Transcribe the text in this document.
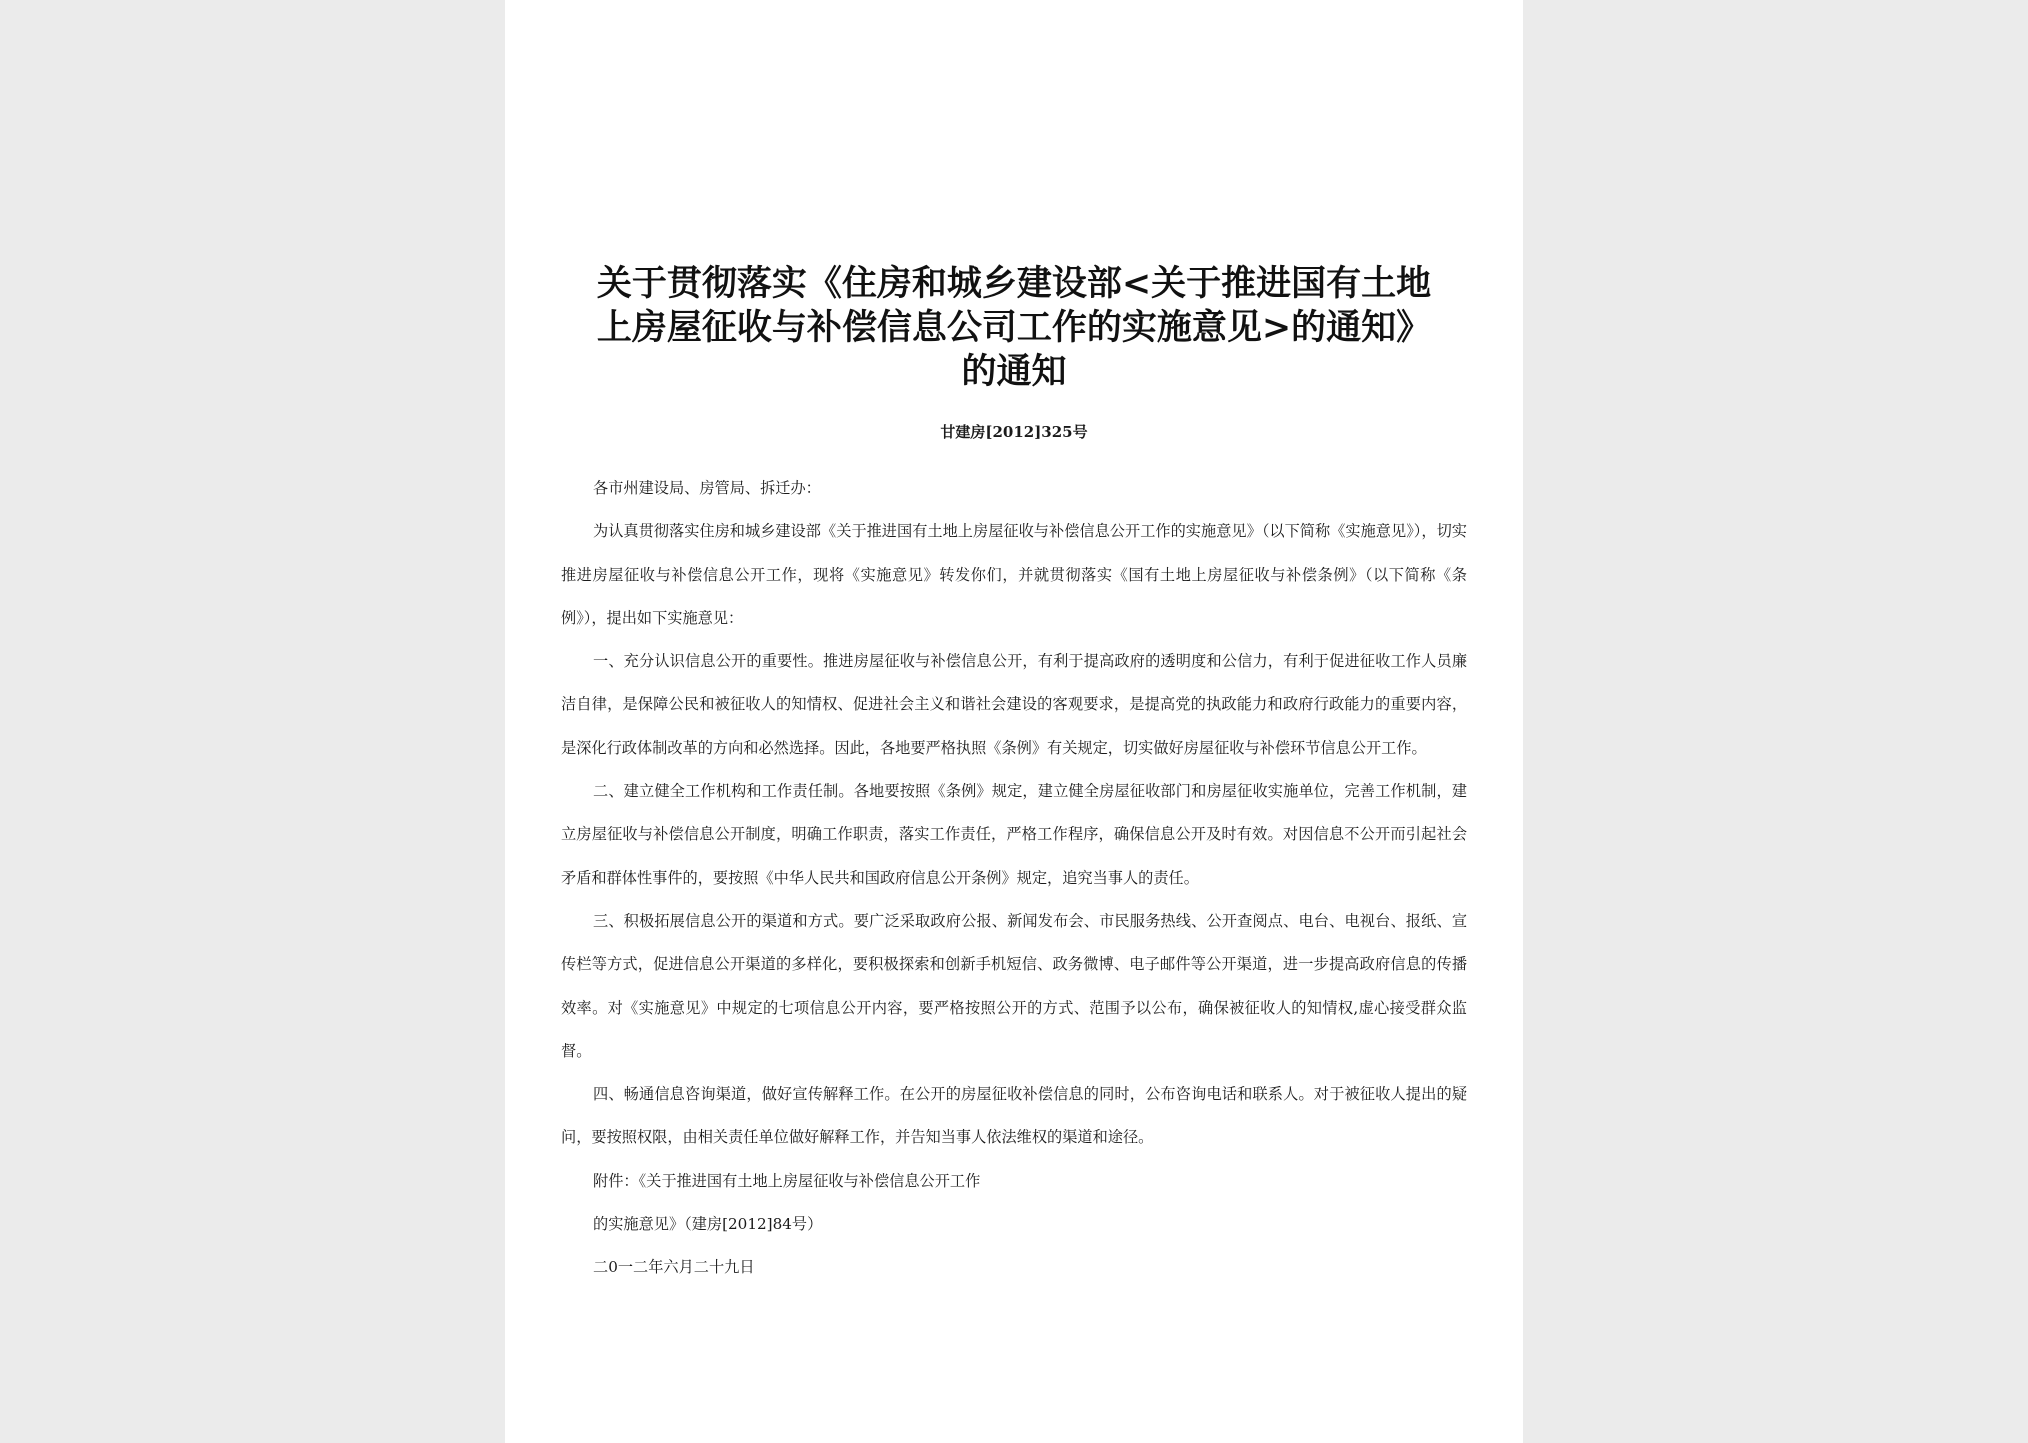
关于贯彻落实《住房和城乡建设部<关于推进国有土地
上房屋征收与补偿信息公司工作的实施意见>的通知》
的通知
甘建房[2012]325号
各市州建设局、房管局、拆迁办：

为认真贯彻落实住房和城乡建设部《关于推进国有土地上房屋征收与补偿信息公开工作的实施意见》（以下简称《实施意见》），切实推进房屋征收与补偿信息公开工作，现将《实施意见》转发你们，并就贯彻落实《国有土地上房屋征收与补偿条例》（以下简称《条例》），提出如下实施意见：

一、充分认识信息公开的重要性。推进房屋征收与补偿信息公开，有利于提高政府的透明度和公信力，有利于促进征收工作人员廉洁自律，是保障公民和被征收人的知情权、促进社会主义和谐社会建设的客观要求，是提高党的执政能力和政府行政能力的重要内容，是深化行政体制改革的方向和必然选择。因此，各地要严格执照《条例》有关规定，切实做好房屋征收与补偿环节信息公开工作。

二、建立健全工作机构和工作责任制。各地要按照《条例》规定，建立健全房屋征收部门和房屋征收实施单位，完善工作机制，建立房屋征收与补偿信息公开制度，明确工作职责，落实工作责任，严格工作程序，确保信息公开及时有效。对因信息不公开而引起社会矛盾和群体性事件的，要按照《中华人民共和国政府信息公开条例》规定，追究当事人的责任。

三、积极拓展信息公开的渠道和方式。要广泛采取政府公报、新闻发布会、市民服务热线、公开查阅点、电台、电视台、报纸、宣传栏等方式，促进信息公开渠道的多样化，要积极探索和创新手机短信、政务微博、电子邮件等公开渠道，进一步提高政府信息的传播效率。对《实施意见》中规定的七项信息公开内容，要严格按照公开的方式、范围予以公布，确保被征收人的知情权,虚心接受群众监督。

四、畅通信息咨询渠道，做好宣传解释工作。在公开的房屋征收补偿信息的同时，公布咨询电话和联系人。对于被征收人提出的疑问，要按照权限，由相关责任单位做好解释工作，并告知当事人依法维权的渠道和途径。

附件：《关于推进国有土地上房屋征收与补偿信息公开工作
的实施意见》（建房[2012]84号）
二0一二年六月二十九日
